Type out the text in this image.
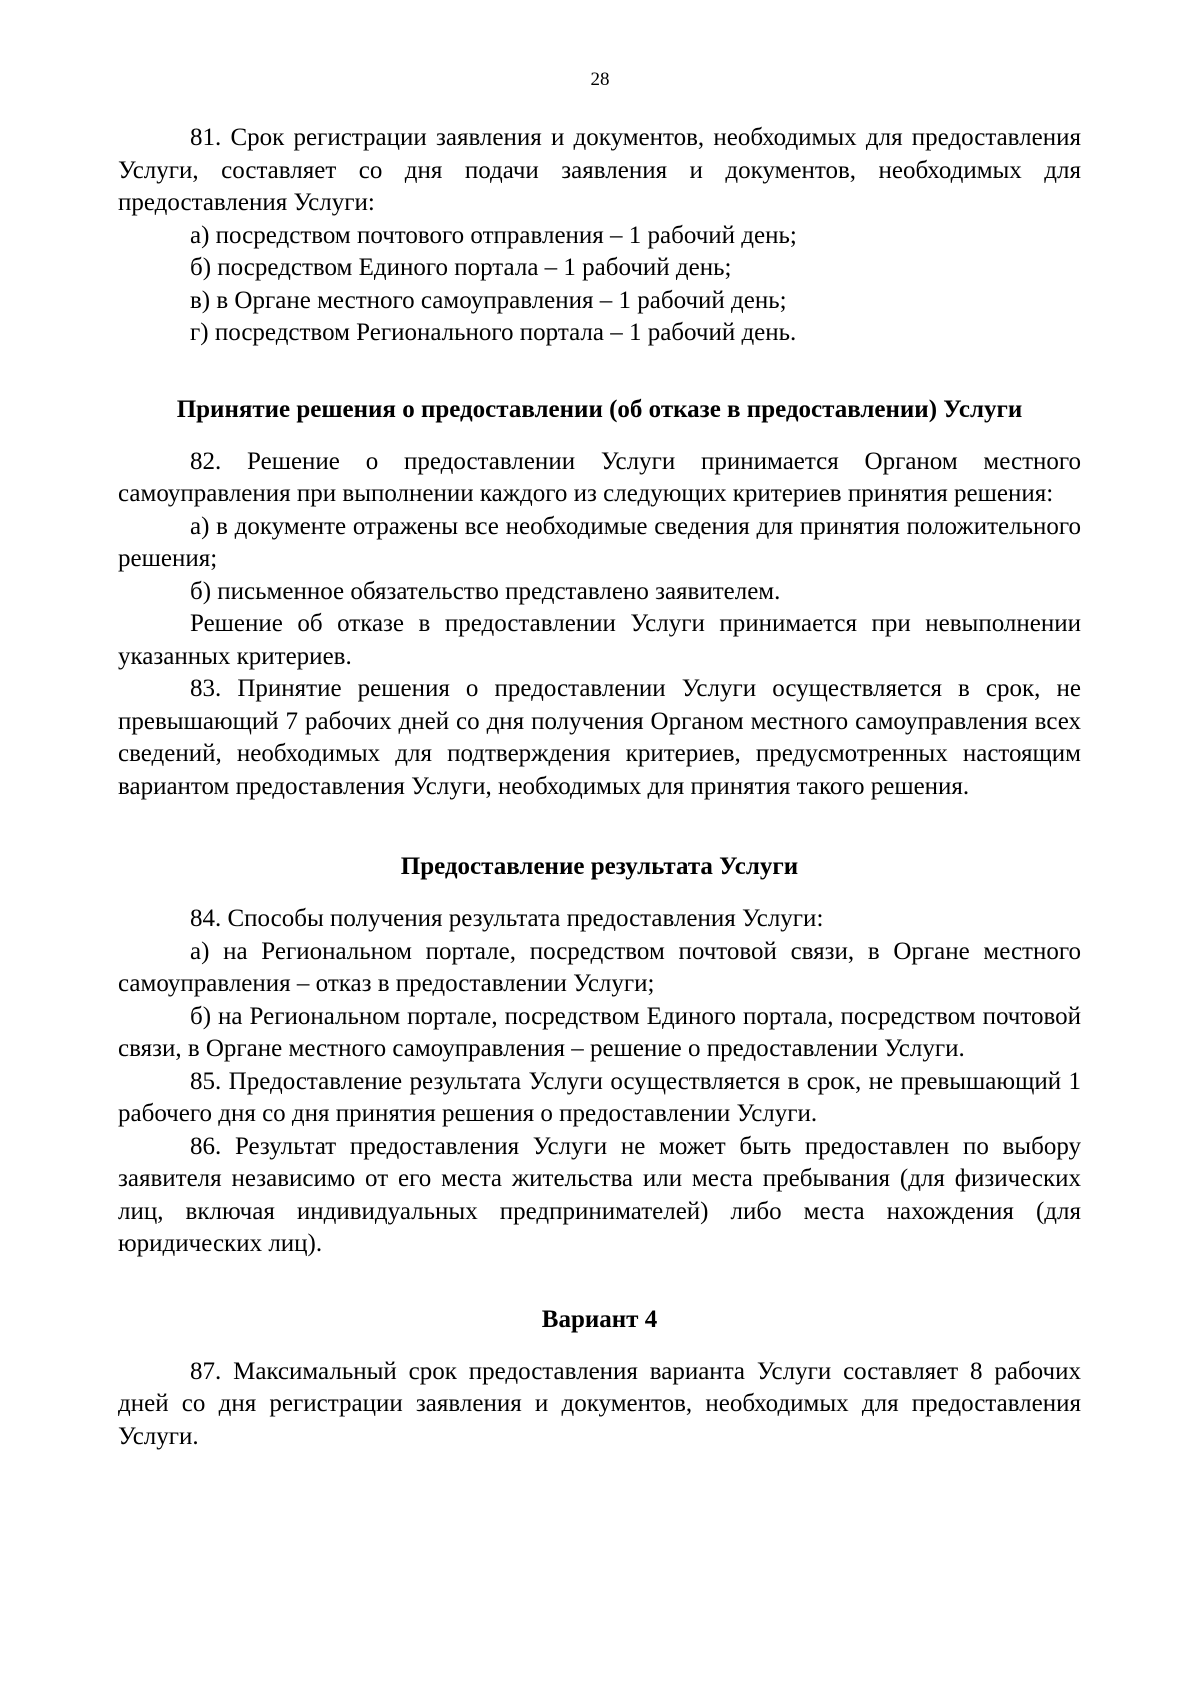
28

81. Срок регистрации заявления и документов, необходимых для предоставления Услуги, составляет со дня подачи заявления и документов, необходимых для предоставления Услуги:

а) посредством почтового отправления – 1 рабочий день;

б) посредством Единого портала – 1 рабочий день;

в) в Органе местного самоуправления – 1 рабочий день;

г) посредством Регионального портала – 1 рабочий день.

Принятие решения о предоставлении (об отказе в предоставлении) Услуги

82. Решение о предоставлении Услуги принимается Органом местного самоуправления при выполнении каждого из следующих критериев принятия решения:

а) в документе отражены все необходимые сведения для принятия положительного решения;

б) письменное обязательство представлено заявителем.

Решение об отказе в предоставлении Услуги принимается при невыполнении указанных критериев.

83. Принятие решения о предоставлении Услуги осуществляется в срок, не превышающий 7 рабочих дней со дня получения Органом местного самоуправления всех сведений, необходимых для подтверждения критериев, предусмотренных настоящим вариантом предоставления Услуги, необходимых для принятия такого решения.

Предоставление результата Услуги

84. Способы получения результата предоставления Услуги:

а) на Региональном портале, посредством почтовой связи, в Органе местного самоуправления – отказ в предоставлении Услуги;

б) на Региональном портале, посредством Единого портала, посредством почтовой связи, в Органе местного самоуправления – решение о предоставлении Услуги.

85. Предоставление результата Услуги осуществляется в срок, не превышающий 1 рабочего дня со дня принятия решения о предоставлении Услуги.

86. Результат предоставления Услуги не может быть предоставлен по выбору заявителя независимо от его места жительства или места пребывания (для физических лиц, включая индивидуальных предпринимателей) либо места нахождения (для юридических лиц).

Вариант 4

87. Максимальный срок предоставления варианта Услуги составляет 8 рабочих дней со дня регистрации заявления и документов, необходимых для предоставления Услуги.
